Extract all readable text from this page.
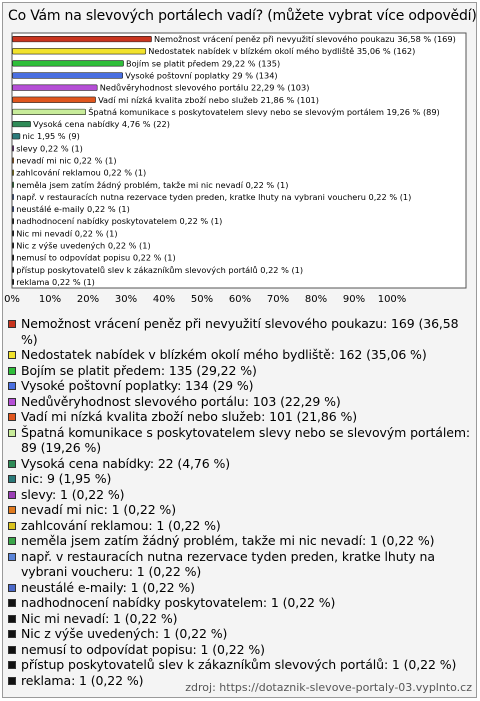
Co Vám na slevových portálech vadí? (můžete vybrat více odpovědí)
Nemožnost vrácení peněz při nevyužití slevového poukazu 36,58 % (169)
Nedostatek nabídek v blízkém okolí mého bydliště 35,06 % (162)
Bojím se platit předem 29,22 % (135)
Vysoké poštovní poplatky 29 % (134)
Nedůvěryhodnost slevového portálu 22,29 % (103)
Vadí mi nízká kvalita zboží nebo služeb 21,86 % (101)
Špatná komunikace s poskytovatelem slevy nebo se slevovým portálem 19,26 % (89)
Vysoká cena nabídky 4,76 % (22)
nic 1,95 % (9)
slevy 0,22 % (1)
nevadí mi nic 0,22 % (1)
zahlcování reklamou 0,22 % (1)
neměla jsem zatím žádný problém, takže mi nic nevadí 0,22 % (1)
např. v restauracích nutna rezervace tyden preden, kratke lhuty na vybrani voucheru 0,22 % (1)
neustálé e-maily 0,22 % (1)
nadhodnocení nabídky poskytovatelem 0,22 % (1)
Nic mi nevadí 0,22 % (1)
Nic z výše uvedených 0,22 % (1)
nemusí to odpovídat popisu 0,22 % (1)
přístup poskytovatelů slev k zákazníkům slevových portálů 0,22 % (1)
reklama 0,22 % (1)
0% 10% 20% 30% 40% 50% 60% 70% 80% 90% 100%
Nemožnost vrácení peněz při nevyužití slevového poukazu: 169 (36,58 %)
Nedostatek nabídek v blízkém okolí mého bydliště: 162 (35,06 %)
Bojím se platit předem: 135 (29,22 %)
Vysoké poštovní poplatky: 134 (29 %)
Nedůvěryhodnost slevového portálu: 103 (22,29 %)
Vadí mi nízká kvalita zboží nebo služeb: 101 (21,86 %)
Špatná komunikace s poskytovatelem slevy nebo se slevovým portálem: 89 (19,26 %)
Vysoká cena nabídky: 22 (4,76 %)
nic: 9 (1,95 %)
slevy: 1 (0,22 %)
nevadí mi nic: 1 (0,22 %)
zahlcování reklamou: 1 (0,22 %)
neměla jsem zatím žádný problém, takže mi nic nevadí: 1 (0,22 %)
např. v restauracích nutna rezervace tyden preden, kratke lhuty na vybrani voucheru: 1 (0,22 %)
neustálé e-maily: 1 (0,22 %)
nadhodnocení nabídky poskytovatelem: 1 (0,22 %)
Nic mi nevadí: 1 (0,22 %)
Nic z výše uvedených: 1 (0,22 %)
nemusí to odpovídat popisu: 1 (0,22 %)
přístup poskytovatelů slev k zákazníkům slevových portálů: 1 (0,22 %)
reklama: 1 (0,22 %)	zdroj: https://dotaznik-slevove-portaly-03.vyplnto.cz
